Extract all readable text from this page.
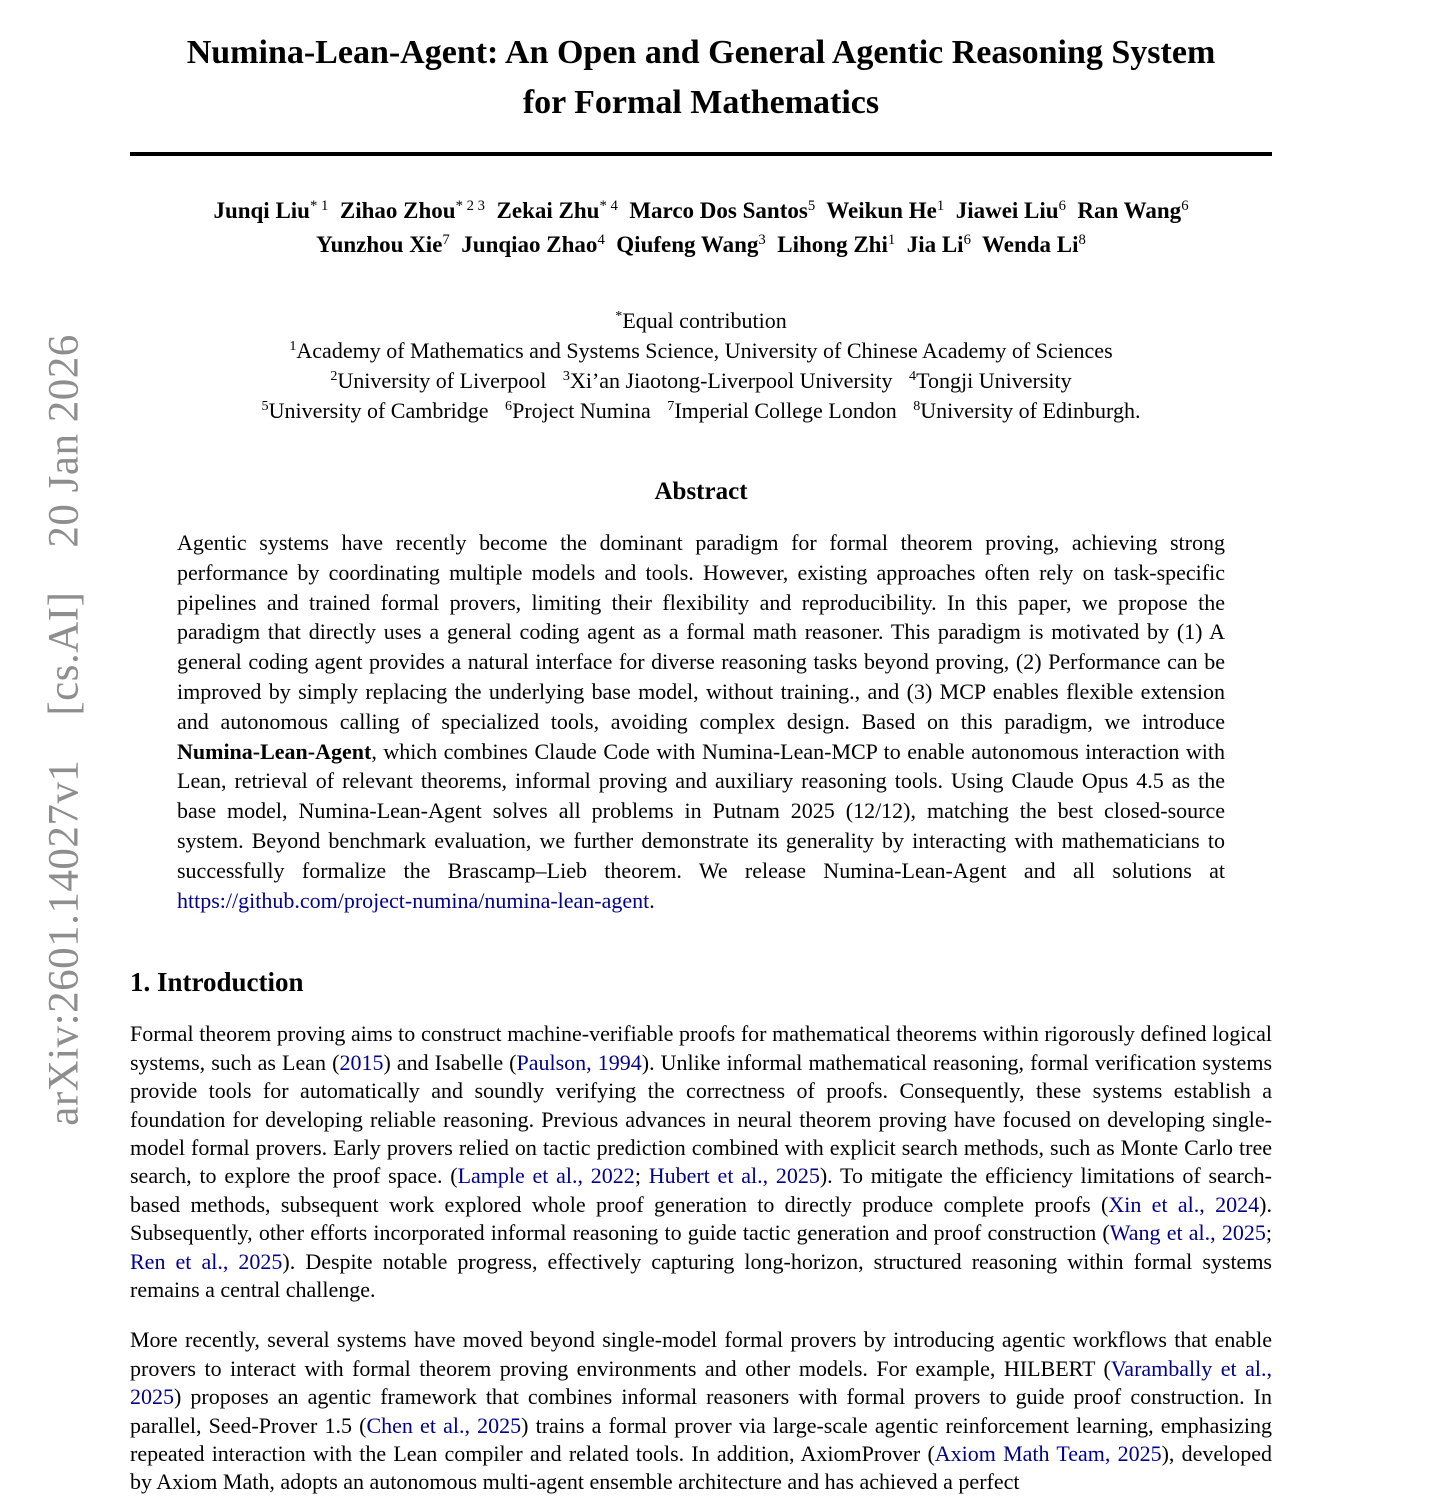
arXiv:2601.14027v1  [cs.AI]  20 Jan 2026
Numina-Lean-Agent: An Open and General Agentic Reasoning System
for Formal Mathematics
Junqi Liu$^{* 1}$ Zihao Zhou$^{* 2 3}$ Zekai Zhu$^{* 4}$ Marco Dos Santos$^5$ Weikun He$^1$ Jiawei Liu$^6$ Ran Wang$^6$
Yunzhou Xie$^7$ Junqiao Zhao$^4$ Qiufeng Wang$^3$ Lihong Zhi$^1$ Jia Li$^6$ Wenda Li$^8$
*Equal contribution
$^1$Academy of Mathematics and Systems Science, University of Chinese Academy of Sciences
$^2$University of Liverpool   $^3$Xi’an Jiaotong-Liverpool University   $^4$Tongji University
$^5$University of Cambridge   $^6$Project Numina   $^7$Imperial College London   $^8$University of Edinburgh.
Abstract
Agentic systems have recently become the dominant paradigm for formal theorem proving, achieving strong performance by coordinating multiple models and tools. However, existing approaches often rely on task-specific pipelines and trained formal provers, limiting their flexibility and reproducibility. In this paper, we propose the paradigm that directly uses a general coding agent as a formal math reasoner. This paradigm is motivated by (1) A general coding agent provides a natural interface for diverse reasoning tasks beyond proving, (2) Performance can be improved by simply replacing the underlying base model, without training., and (3) MCP enables flexible extension and autonomous calling of specialized tools, avoiding complex design. Based on this paradigm, we introduce Numina-Lean-Agent, which combines Claude Code with Numina-Lean-MCP to enable autonomous interaction with Lean, retrieval of relevant theorems, informal proving and auxiliary reasoning tools. Using Claude Opus 4.5 as the base model, Numina-Lean-Agent solves all problems in Putnam 2025 (12/12), matching the best closed-source system. Beyond benchmark evaluation, we further demonstrate its generality by interacting with mathematicians to successfully formalize the Brascamp–Lieb theorem. We release Numina-Lean-Agent and all solutions at https://github.com/project-numina/numina-lean-agent.
1. Introduction
Formal theorem proving aims to construct machine-verifiable proofs for mathematical theorems within rigorously defined logical systems, such as Lean (2015) and Isabelle (Paulson, 1994). Unlike informal mathematical reasoning, formal verification systems provide tools for automatically and soundly verifying the correctness of proofs. Consequently, these systems establish a foundation for developing reliable reasoning. Previous advances in neural theorem proving have focused on developing single-model formal provers. Early provers relied on tactic prediction combined with explicit search methods, such as Monte Carlo tree search, to explore the proof space. (Lample et al., 2022; Hubert et al., 2025). To mitigate the efficiency limitations of search-based methods, subsequent work explored whole proof generation to directly produce complete proofs (Xin et al., 2024). Subsequently, other efforts incorporated informal reasoning to guide tactic generation and proof construction (Wang et al., 2025; Ren et al., 2025). Despite notable progress, effectively capturing long-horizon, structured reasoning within formal systems remains a central challenge.
More recently, several systems have moved beyond single-model formal provers by introducing agentic workflows that enable provers to interact with formal theorem proving environments and other models. For example, HILBERT (Varambally et al., 2025) proposes an agentic framework that combines informal reasoners with formal provers to guide proof construction. In parallel, Seed-Prover 1.5 (Chen et al., 2025) trains a formal prover via large-scale agentic reinforcement learning, emphasizing repeated interaction with the Lean compiler and related tools. In addition, AxiomProver (Axiom Math Team, 2025), developed by Axiom Math, adopts an autonomous multi-agent ensemble architecture and has achieved a perfect
